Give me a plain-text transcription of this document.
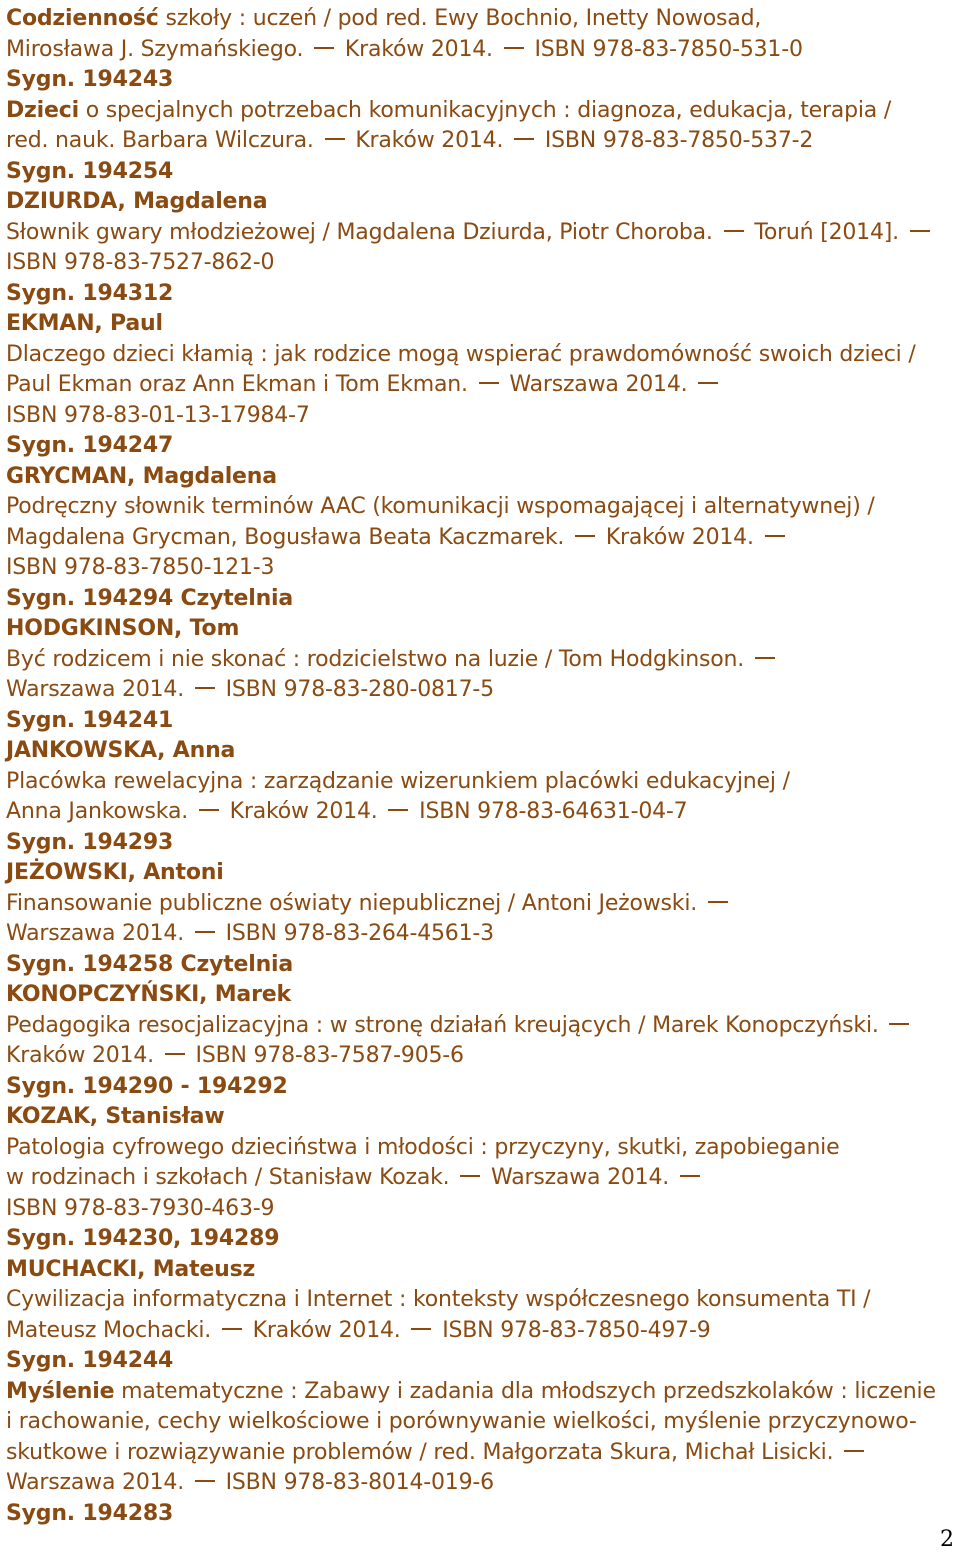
Codzienność szkoły : uczeń / pod red. Ewy Bochnio, Inetty Nowosad,
Mirosława J. Szymańskiego.  Kraków 2014.  ISBN 978-83-7850-531-0
Sygn. 194243
Dzieci o specjalnych potrzebach komunikacyjnych : diagnoza, edukacja, terapia /
red. nauk. Barbara Wilczura.  Kraków 2014.  ISBN 978-83-7850-537-2
Sygn. 194254
DZIURDA, Magdalena
Słownik gwary młodzieżowej / Magdalena Dziurda, Piotr Choroba.  Toruń [2014].
ISBN 978-83-7527-862-0
Sygn. 194312
EKMAN, Paul
Dlaczego dzieci kłamią : jak rodzice mogą wspierać prawdomówność swoich dzieci /
Paul Ekman oraz Ann Ekman i Tom Ekman.  Warszawa 2014.
ISBN 978-83-01-13-17984-7
Sygn. 194247
GRYCMAN, Magdalena
Podręczny słownik terminów AAC (komunikacji wspomagającej i alternatywnej) /
Magdalena Grycman, Bogusława Beata Kaczmarek.  Kraków 2014.
ISBN 978-83-7850-121-3
Sygn. 194294 Czytelnia
HODGKINSON, Tom
Być rodzicem i nie skonać : rodzicielstwo na luzie / Tom Hodgkinson.
Warszawa 2014.  ISBN 978-83-280-0817-5
Sygn. 194241
JANKOWSKA, Anna
Placówka rewelacyjna : zarządzanie wizerunkiem placówki edukacyjnej /
Anna Jankowska.  Kraków 2014.  ISBN 978-83-64631-04-7
Sygn. 194293
JEŻOWSKI, Antoni
Finansowanie publiczne oświaty niepublicznej / Antoni Jeżowski.
Warszawa 2014.  ISBN 978-83-264-4561-3
Sygn. 194258 Czytelnia
KONOPCZYŃSKI, Marek
Pedagogika resocjalizacyjna : w stronę działań kreujących / Marek Konopczyński.
Kraków 2014.  ISBN 978-83-7587-905-6
Sygn. 194290 - 194292
KOZAK, Stanisław
Patologia cyfrowego dzieciństwa i młodości : przyczyny, skutki, zapobieganie
w rodzinach i szkołach / Stanisław Kozak.  Warszawa 2014.
ISBN 978-83-7930-463-9
Sygn. 194230, 194289
MUCHACKI, Mateusz
Cywilizacja informatyczna i Internet : konteksty współczesnego konsumenta TI /
Mateusz Mochacki.  Kraków 2014.  ISBN 978-83-7850-497-9
Sygn. 194244
Myślenie matematyczne : Zabawy i zadania dla młodszych przedszkolaków : liczenie
i rachowanie, cechy wielkościowe i porównywanie wielkości, myślenie przyczynowo-
skutkowe i rozwiązywanie problemów / red. Małgorzata Skura, Michał Lisicki.
Warszawa 2014.  ISBN 978-83-8014-019-6
Sygn. 194283
2
